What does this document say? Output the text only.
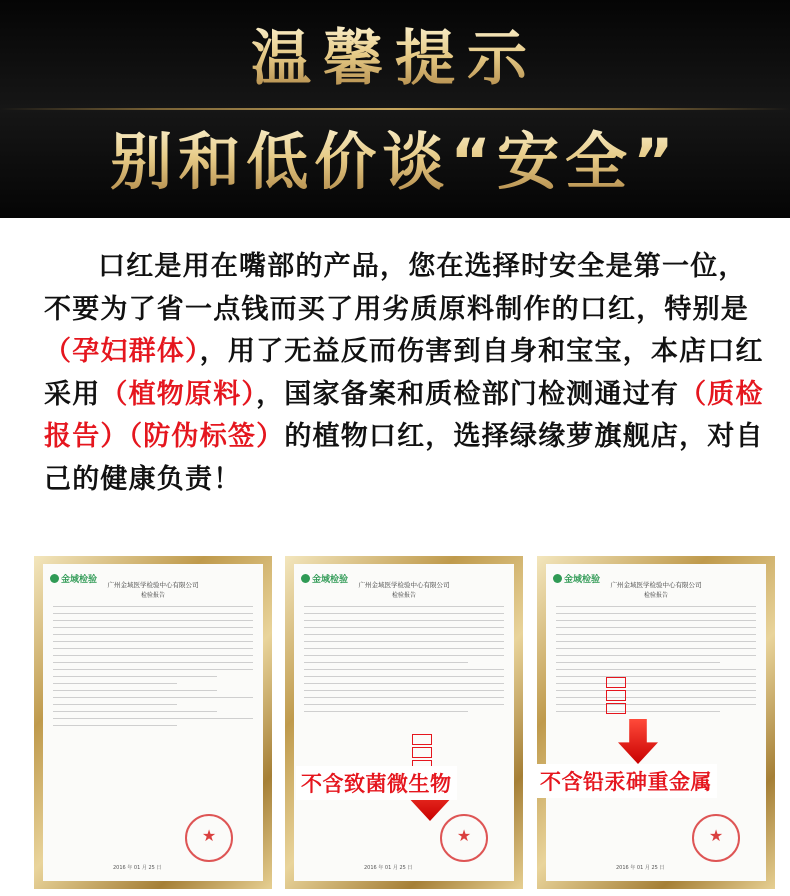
温馨提示
别和低价谈“安全”

口红是用在嘴部的产品，您在选择时安全是第一位，不要为了省一点钱而买了用劣质原料制作的口红，特别是（孕妇群体），用了无益反而伤害到自身和宝宝，本店口红采用（植物原料），国家备案和质检部门检测通过有（质检报告）（防伪标签）的植物口红，选择绿缘萝旗舰店，对自己的健康负责！

金域检验	广州金域医学检验中心有限公司
检验报告
★
2016 年 01 月 25 日
金域检验	广州金域医学检验中心有限公司
检验报告
★
2016 年 01 月 25 日
不含致菌微生物
金域检验	广州金域医学检验中心有限公司
检验报告
★
2016 年 01 月 25 日
不含铅汞砷重金属
